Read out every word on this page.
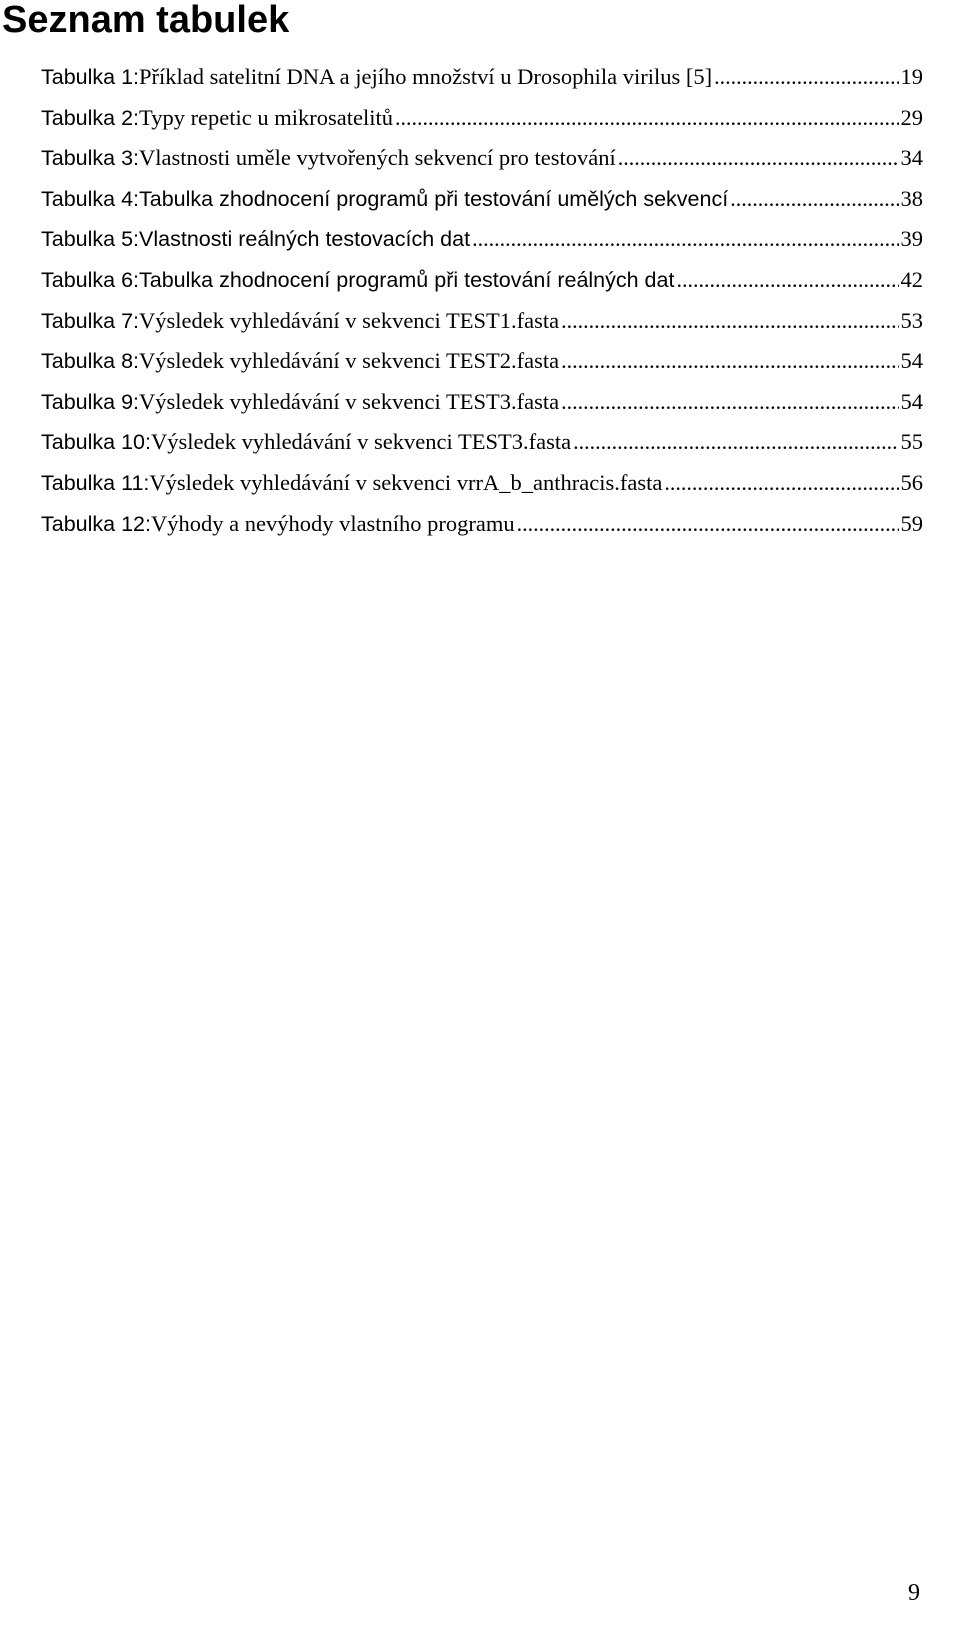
Seznam tabulek
Tabulka 1: Příklad satelitní DNA a jejího množství u Drosophila virilus [5] .....	19
Tabulka 2: Typy repetic u mikrosatelitů .....	29
Tabulka 3: Vlastnosti uměle vytvořených sekvencí pro testování .....	34
Tabulka 4: Tabulka zhodnocení programů při testování umělých sekvencí .....	38
Tabulka 5: Vlastnosti reálných testovacích dat .....	39
Tabulka 6: Tabulka zhodnocení programů při testování reálných dat .....	42
Tabulka 7: Výsledek vyhledávání v sekvenci TEST1.fasta .....	53
Tabulka 8: Výsledek vyhledávání v sekvenci TEST2.fasta .....	54
Tabulka 9: Výsledek vyhledávání v sekvenci TEST3.fasta .....	54
Tabulka 10: Výsledek vyhledávání v sekvenci TEST3.fasta .....	55
Tabulka 11: Výsledek vyhledávání v sekvenci vrrA_b_anthracis.fasta .....	56
Tabulka 12: Výhody a nevýhody vlastního programu .....	59
9
